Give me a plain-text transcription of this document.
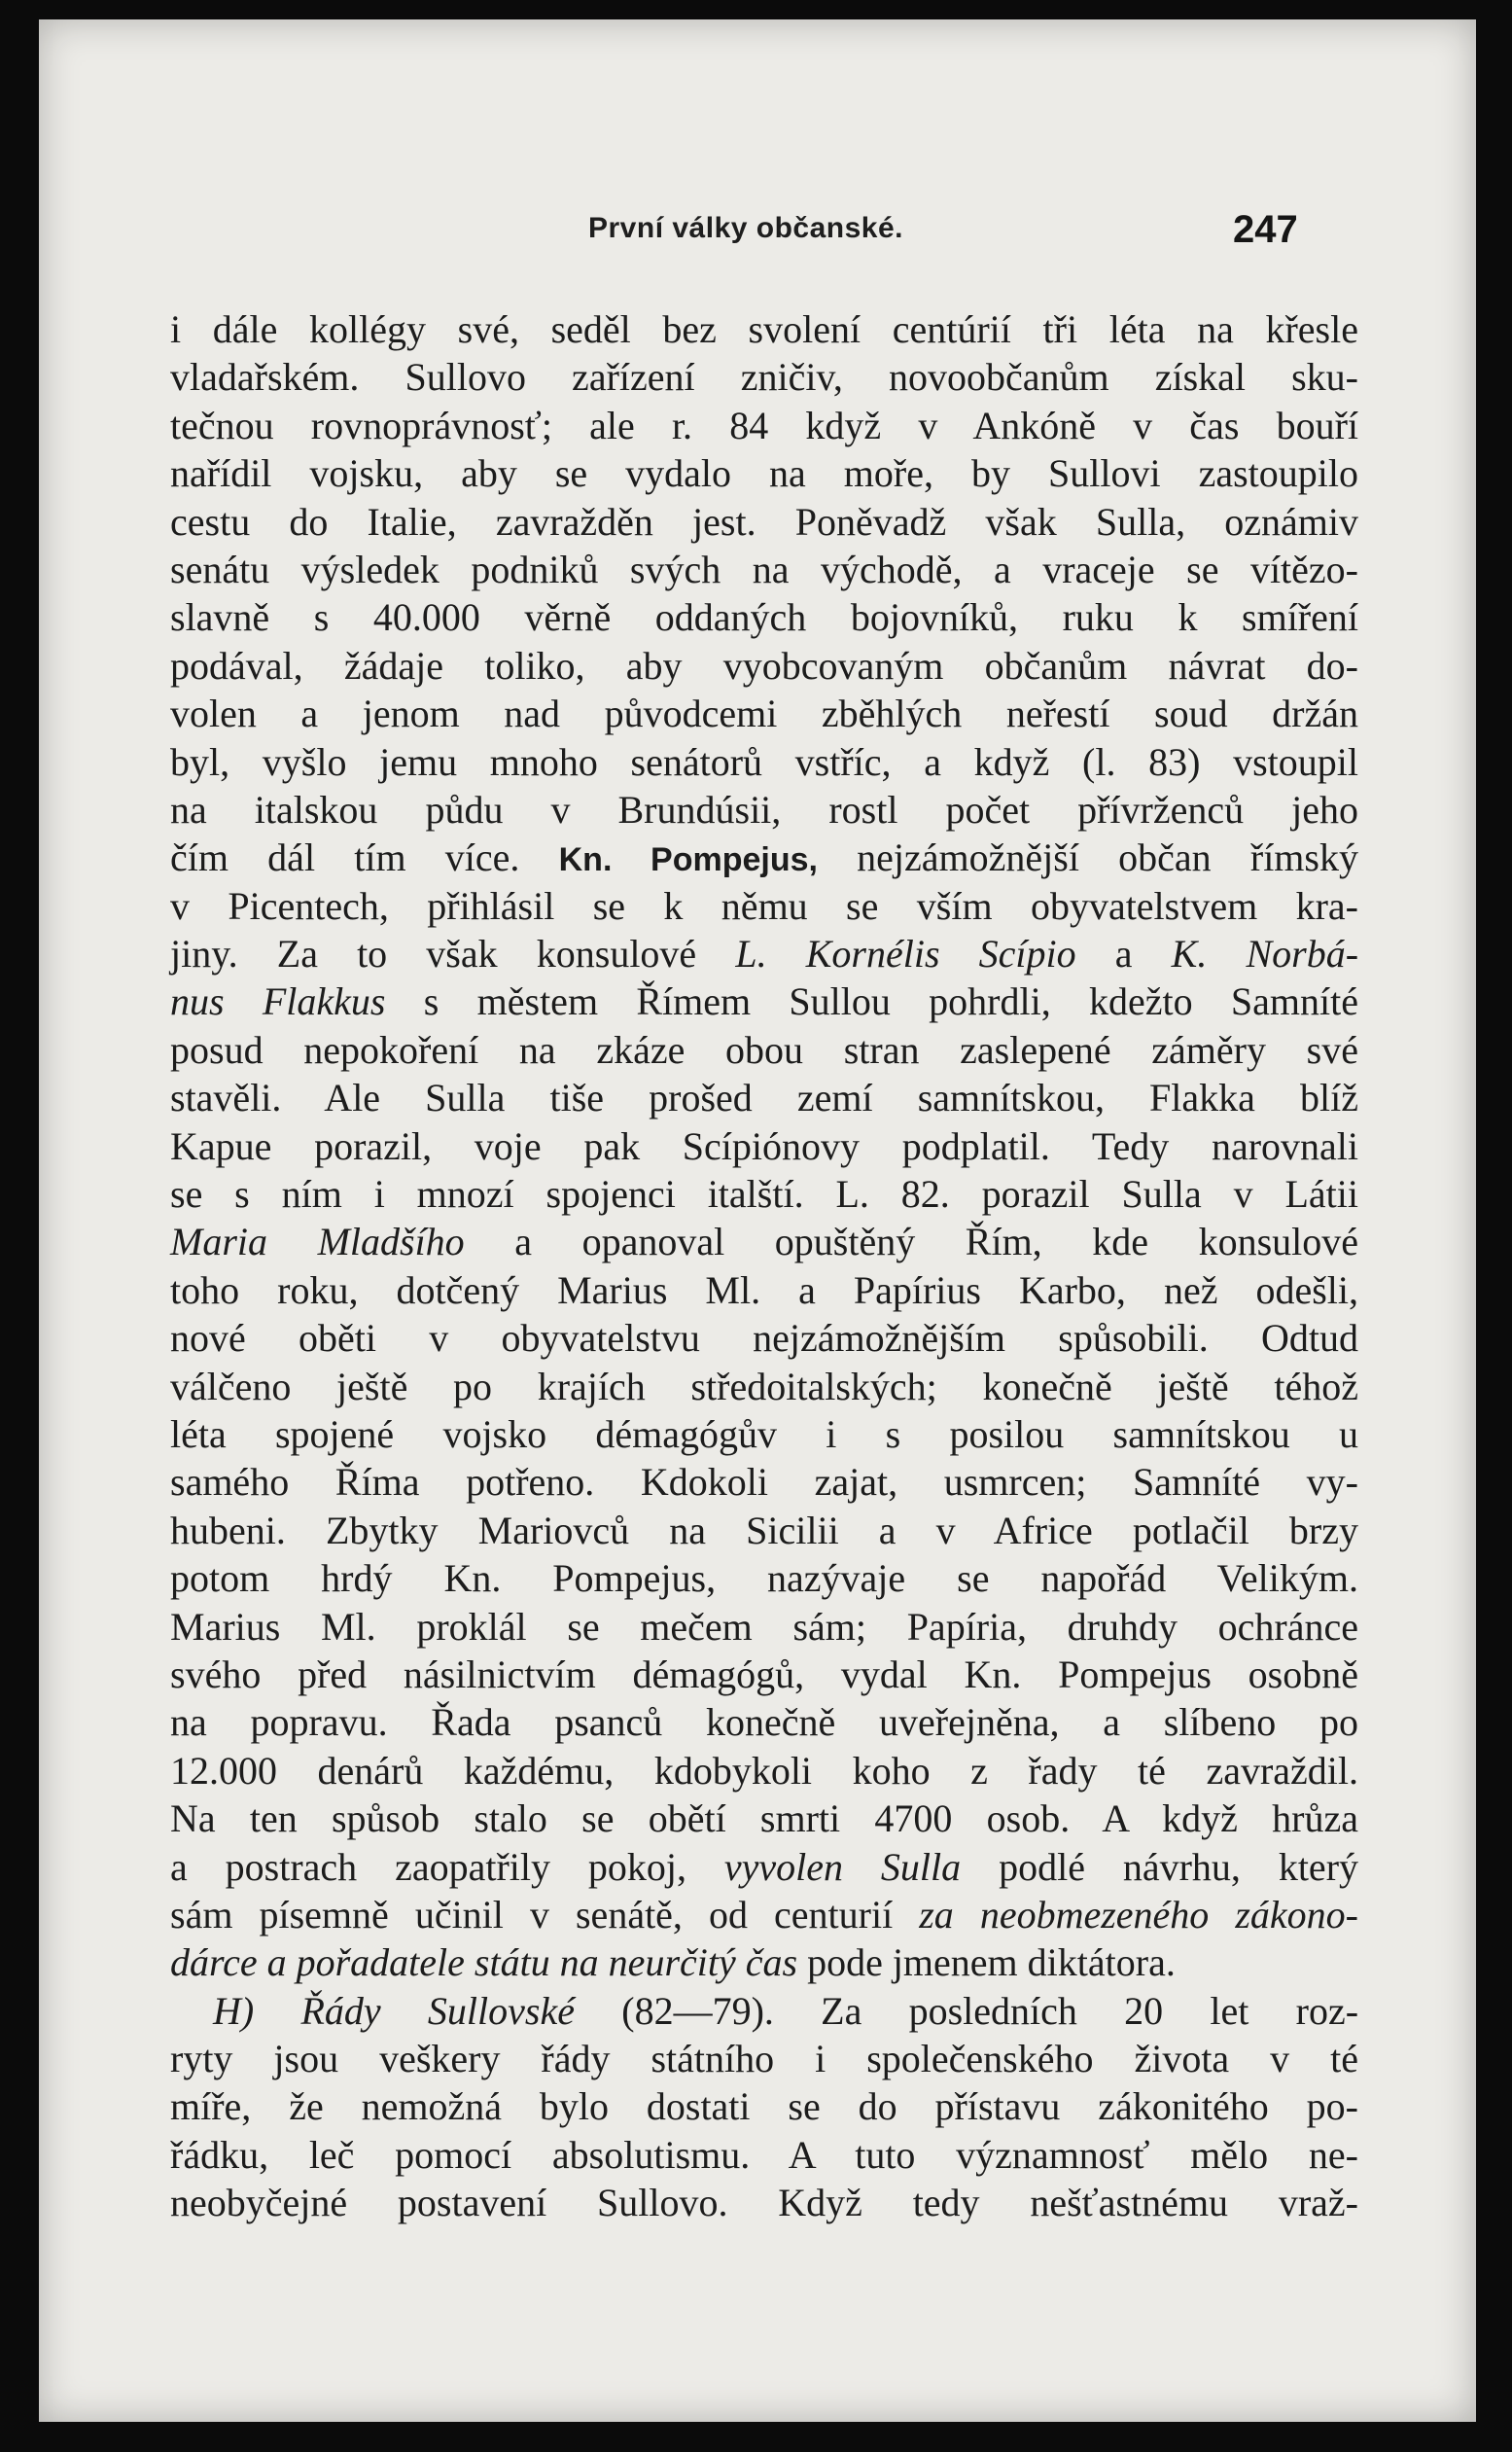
První války občanské.	247
i dále kollégy své, seděl bez svolení centúrií tři léta na křesle
vladařském. Sullovo zařízení zničiv, novoobčanům získal sku-
tečnou rovnoprávnosť; ale r. 84 když v Ankóně v čas bouří
nařídil vojsku, aby se vydalo na moře, by Sullovi zastoupilo
cestu do Italie, zavražděn jest. Poněvadž však Sulla, oznámiv
senátu výsledek podniků svých na východě, a vraceje se vítězo-
slavně s 40.000 věrně oddaných bojovníků, ruku k smíření
podával, žádaje toliko, aby vyobcovaným občanům návrat do-
volen a jenom nad původcemi zběhlých neřestí soud držán
byl, vyšlo jemu mnoho senátorů vstříc, a když (l. 83) vstoupil
na italskou půdu v Brundúsii, rostl počet přívrženců jeho
čím dál tím více. Kn. Pompejus, nejzámožnější občan římský
v Picentech, přihlásil se k němu se vším obyvatelstvem kra-
jiny. Za to však konsulové L. Kornélis Scípio a K. Norbá-
nus Flakkus s městem Římem Sullou pohrdli, kdežto Samníté
posud nepokoření na zkáze obou stran zaslepené záměry své
stavěli. Ale Sulla tiše prošed zemí samnítskou, Flakka blíž
Kapue porazil, voje pak Scípiónovy podplatil. Tedy narovnali
se s ním i mnozí spojenci italští. L. 82. porazil Sulla v Látii
Maria Mladšího a opanoval opuštěný Řím, kde konsulové
toho roku, dotčený Marius Ml. a Papírius Karbo, než odešli,
nové oběti v obyvatelstvu nejzámožnějším spůsobili. Odtud
válčeno ještě po krajích středoitalských; konečně ještě téhož
léta spojené vojsko démagógův i s posilou samnítskou u
samého Říma potřeno. Kdokoli zajat, usmrcen; Samníté vy-
hubeni. Zbytky Mariovců na Sicilii a v Africe potlačil brzy
potom hrdý Kn. Pompejus, nazývaje se napořád Velikým.
Marius Ml. proklál se mečem sám; Papíria, druhdy ochránce
svého před násilnictvím démagógů, vydal Kn. Pompejus osobně
na popravu. Řada psanců konečně uveřejněna, a slíbeno po
12.000 denárů každému, kdobykoli koho z řady té zavraždil.
Na ten spůsob stalo se obětí smrti 4700 osob. A když hrůza
a postrach zaopatřily pokoj, vyvolen Sulla podlé návrhu, který
sám písemně učinil v senátě, od centurií za neobmezeného zákono-
dárce a pořadatele státu na neurčitý čas pode jmenem diktátora.
H) Řády Sullovské (82—79). Za posledních 20 let roz-
ryty jsou veškery řády státního i společenského života v té
míře, že nemožná bylo dostati se do přístavu zákonitého po-
řádku, leč pomocí absolutismu. A tuto významnosť mělo ne-
neobyčejné postavení Sullovo. Když tedy nešťastnému vraž-
